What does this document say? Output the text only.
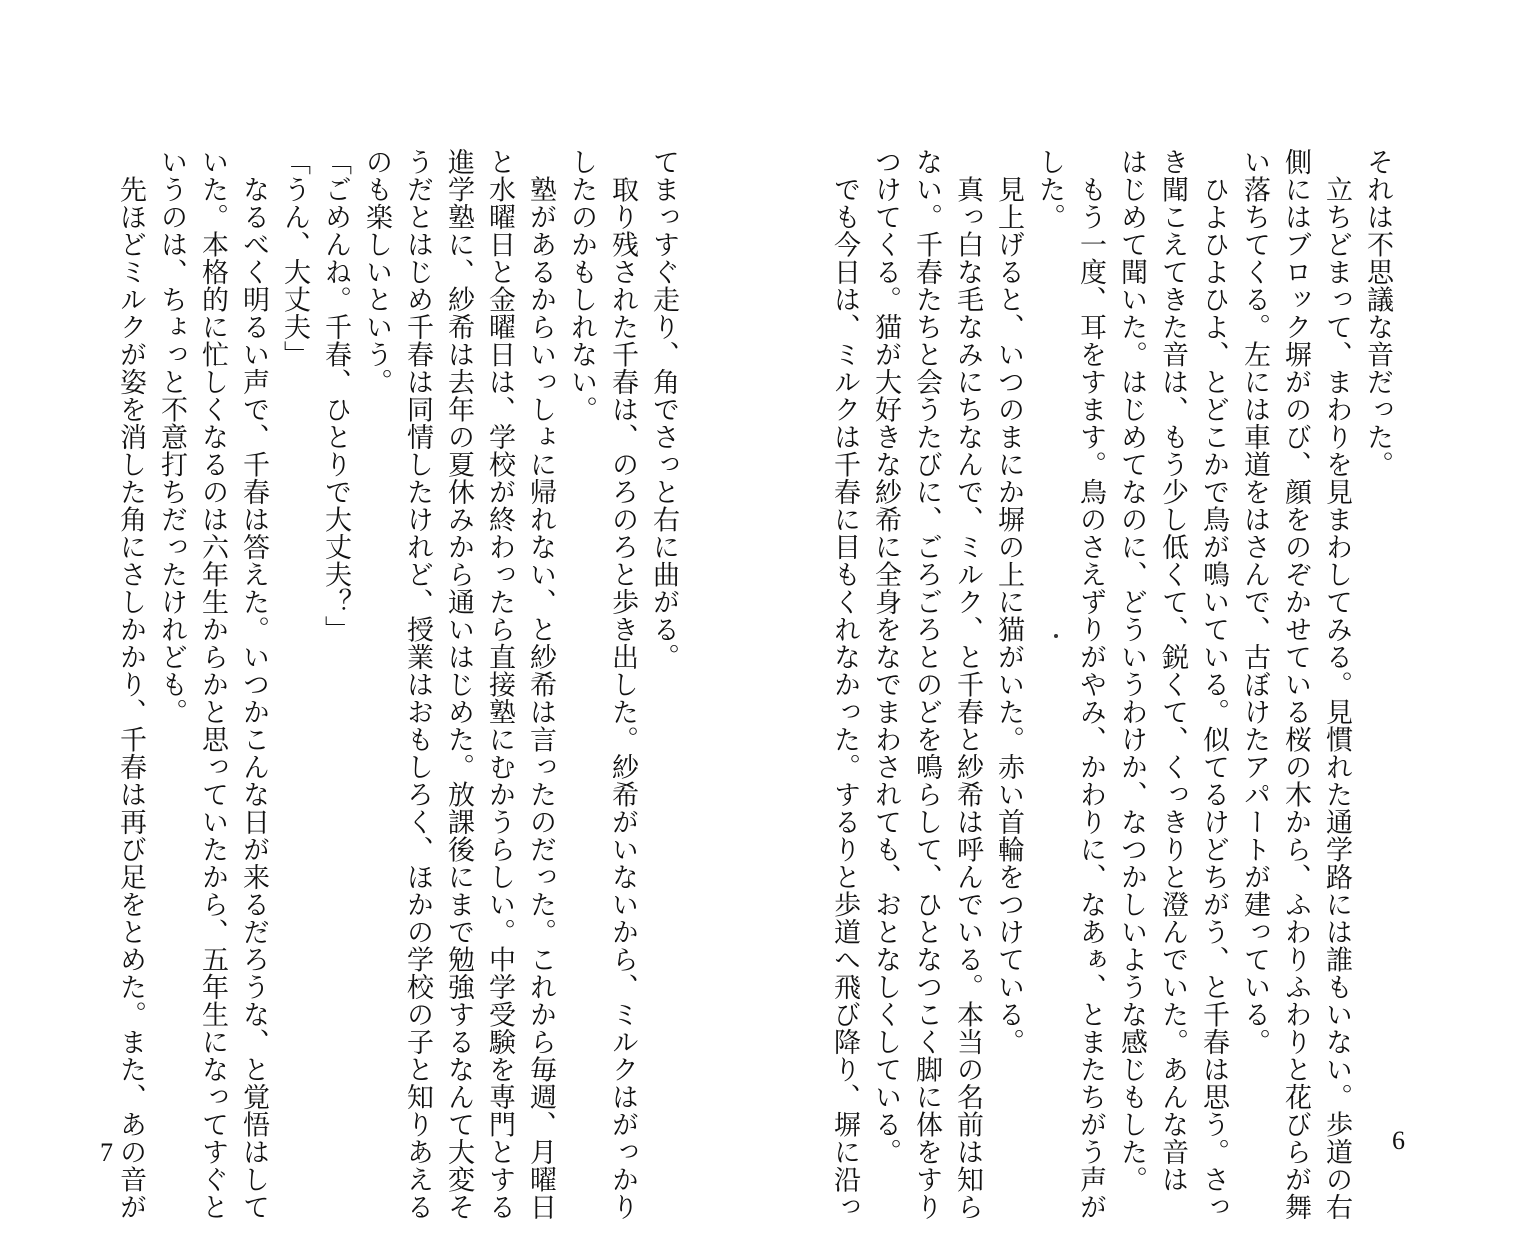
それは不思議な音だった。
　立ちどまって、まわりを見まわしてみる。見慣れた通学路には誰もいない。歩道の右
側にはブロック塀がのび、顔をのぞかせている桜の木から、ふわりふわりと花びらが舞
い落ちてくる。左には車道をはさんで、古ぼけたアパートが建っている。
　ひよひよひよ、とどこかで鳥が鳴いている。似てるけどちがう、と千春は思う。さっ
き聞こえてきた音は、もう少し低くて、鋭くて、くっきりと澄んでいた。あんな音は
はじめて聞いた。はじめてなのに、どういうわけか、なつかしいような感じもした。
　もう一度、耳をすます。鳥のさえずりがやみ、かわりに、なあぁ、とまたちがう声が
した。
　見上げると、いつのまにか塀の上に猫がいた。赤い首輪をつけている。
　真っ白な毛なみにちなんで、ミルク、と千春と紗希は呼んでいる。本当の名前は知ら
ない。千春たちと会うたびに、ごろごろとのどを鳴らして、ひとなつこく脚に体をすり
つけてくる。猫が大好きな紗希に全身をなでまわされても、おとなしくしている。
　でも今日は、ミルクは千春に目もくれなかった。するりと歩道へ飛び降り、塀に沿っ	6
てまっすぐ走り、角でさっと右に曲がる。
　取り残された千春は、のろのろと歩き出した。紗希がいないから、ミルクはがっかり
したのかもしれない。
　塾があるからいっしょに帰れない、と紗希は言ったのだった。これから毎週、月曜日
と水曜日と金曜日は、学校が終わったら直接塾にむかうらしい。中学受験を専門とする
進学塾に、紗希は去年の夏休みから通いはじめた。放課後にまで勉強するなんて大変そ
うだとはじめ千春は同情したけれど、授業はおもしろく、ほかの学校の子と知りあえる
のも楽しいという。
「ごめんね。千春、ひとりで大丈夫？」
「うん、大丈夫」
　なるべく明るい声で、千春は答えた。いつかこんな日が来るだろうな、と覚悟はして
いた。本格的に忙しくなるのは六年生からかと思っていたから、五年生になってすぐと
いうのは、ちょっと不意打ちだったけれども。
　先ほどミルクが姿を消した角にさしかかり、千春は再び足をとめた。また、あの音が
7
